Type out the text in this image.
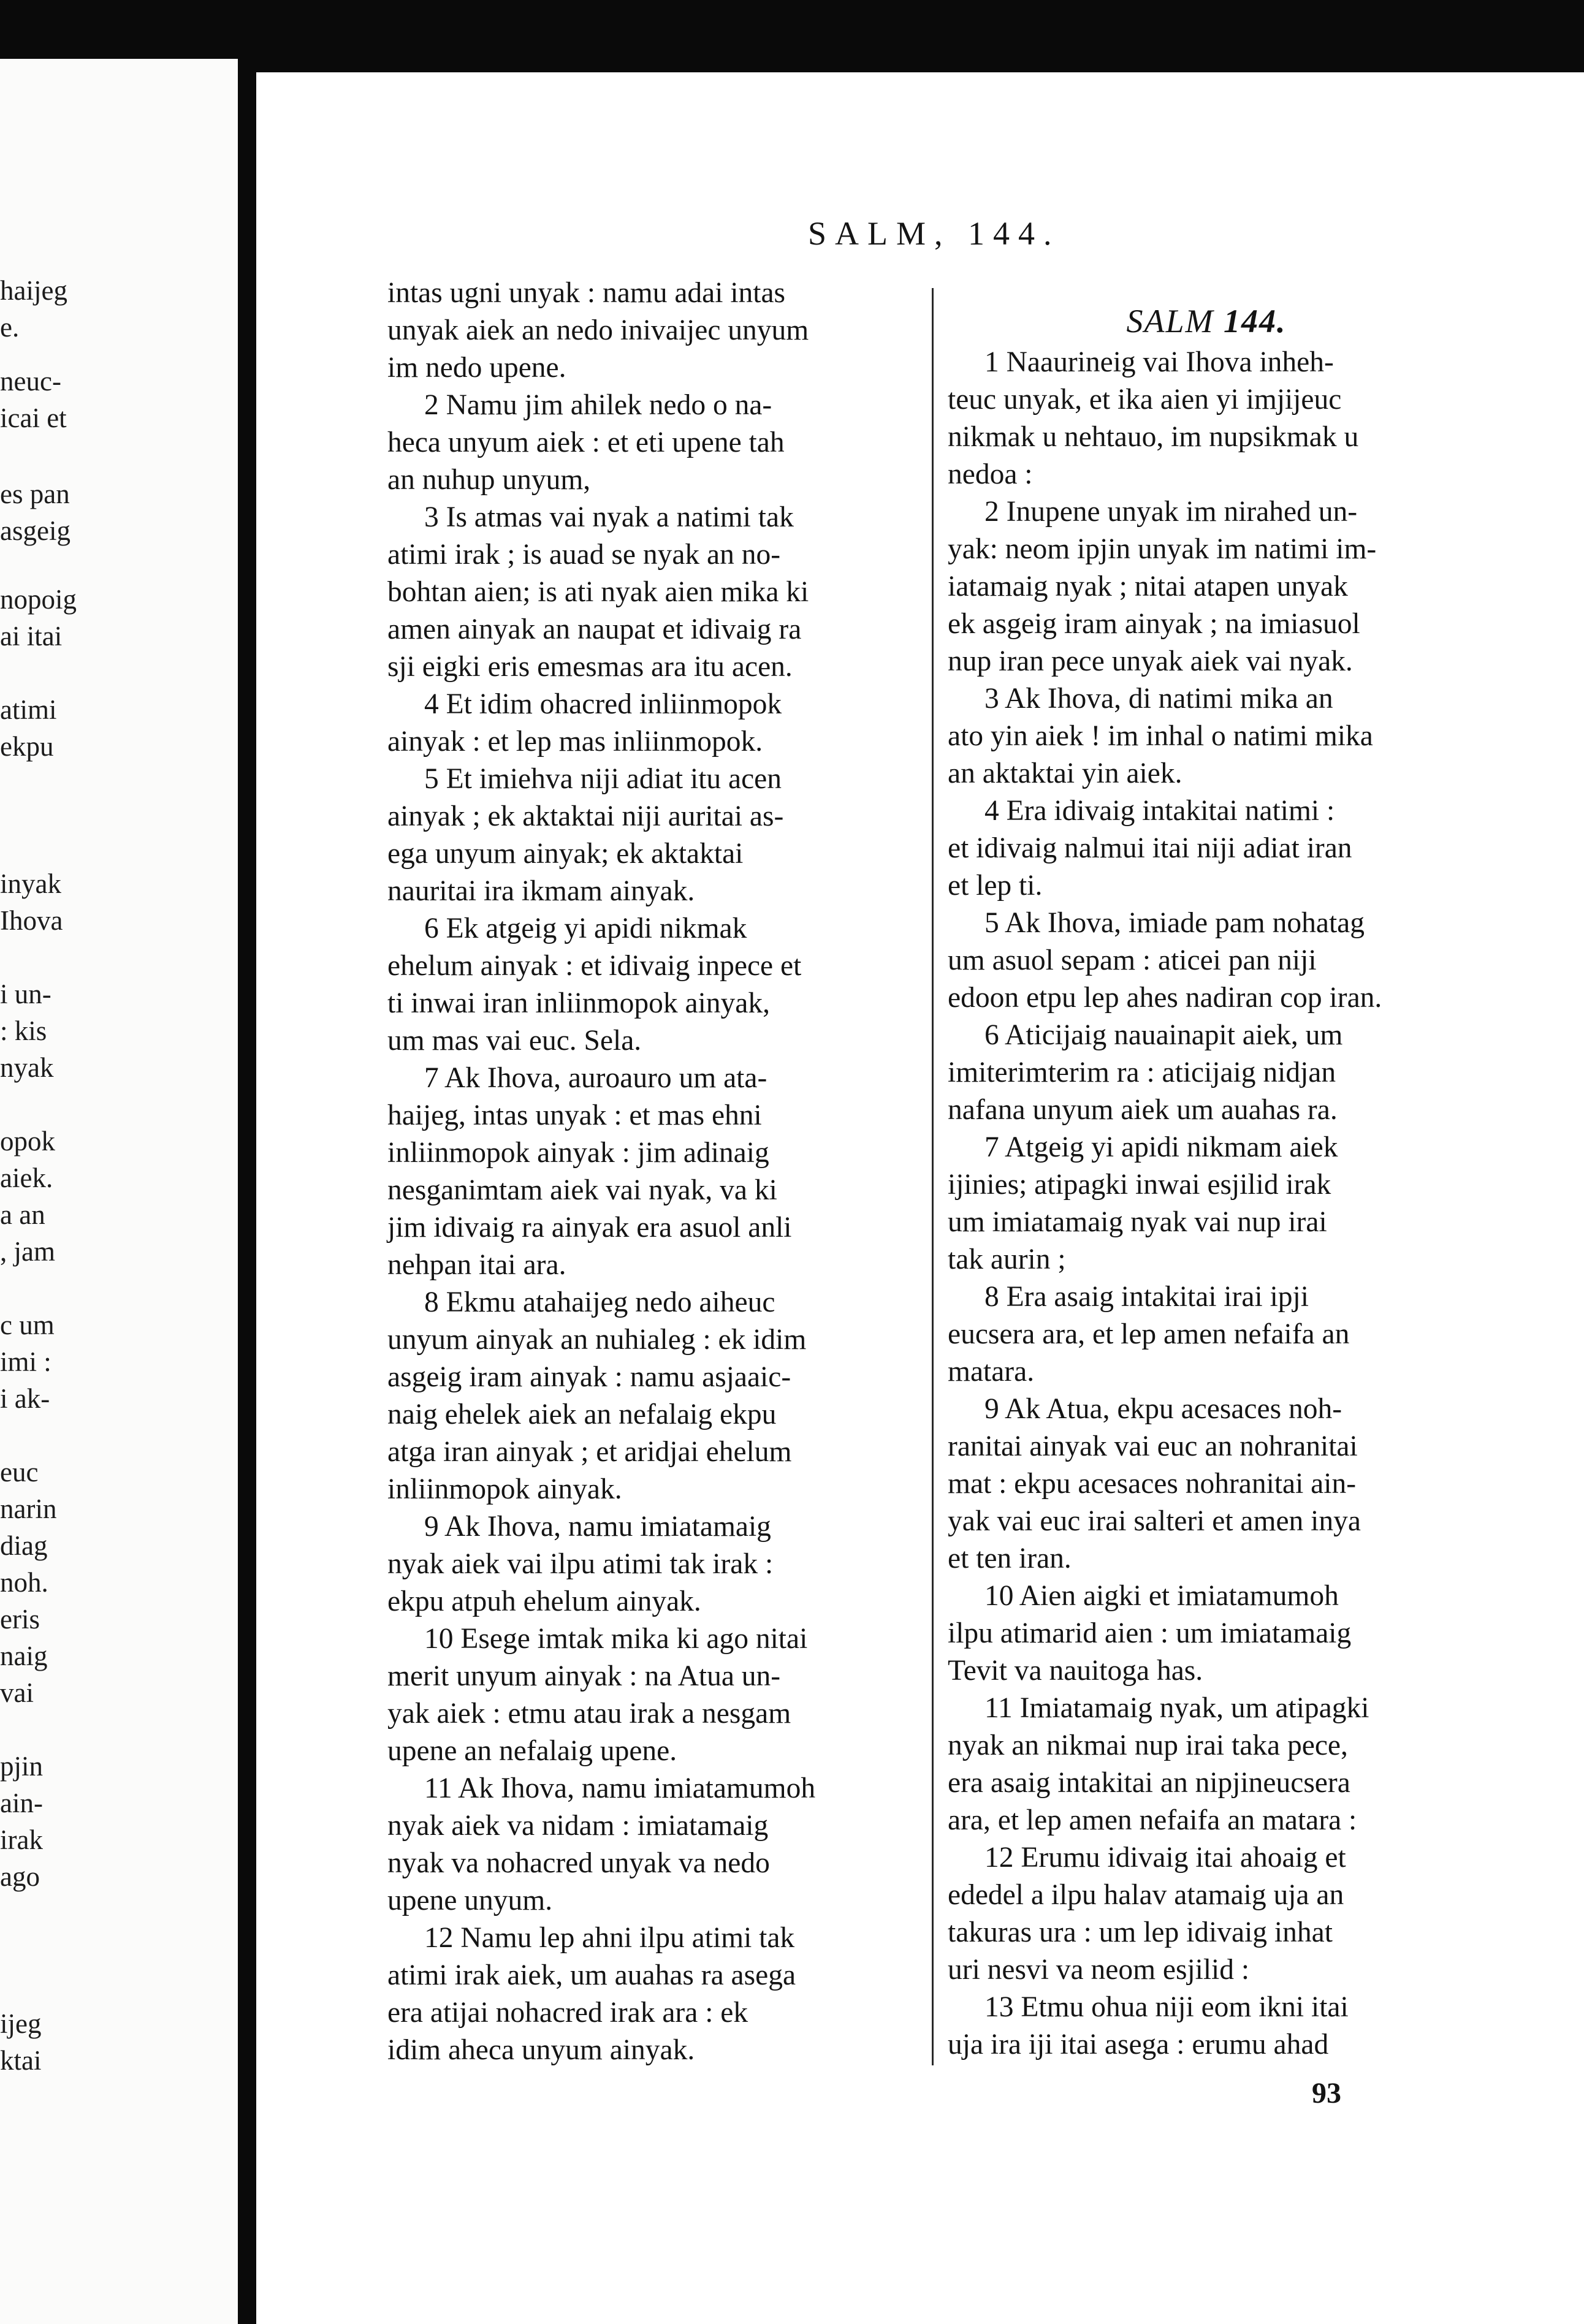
haijeg
e.
neuc-
icai et
es pan
asgeig
nopoig
ai itai
atimi
ekpu
inyak
Ihova
i un-
: kis
nyak
opok
aiek.
a an
, jam
c um
imi :
i ak-
euc
narin
diag
noh.
eris
naig
vai
pjin
ain-
irak
ago
ijeg
ktai
SALM, 144.

intas ugni unyak : namu adai intas
unyak aiek an nedo inivaijec unyum
im nedo upene.

2 Namu jim ahilek nedo o na-
heca unyum aiek : et eti upene tah
an nuhup unyum,

3 Is atmas vai nyak a natimi tak
atimi irak ; is auad se nyak an no-
bohtan aien; is ati nyak aien mika ki
amen ainyak an naupat et idivaig ra
sji eigki eris emesmas ara itu acen.

4 Et idim ohacred inliinmopok
ainyak : et lep mas inliinmopok.

5 Et imiehva niji adiat itu acen
ainyak ; ek aktaktai niji auritai as-
ega unyum ainyak; ek aktaktai
nauritai ira ikmam ainyak.

6 Ek atgeig yi apidi nikmak
ehelum ainyak : et idivaig inpece et
ti inwai iran inliinmopok ainyak,
um mas vai euc. Sela.

7 Ak Ihova, auroauro um ata-
haijeg, intas unyak : et mas ehni
inliinmopok ainyak : jim adinaig
nesganimtam aiek vai nyak, va ki
jim idivaig ra ainyak era asuol anli
nehpan itai ara.

8 Ekmu atahaijeg nedo aiheuc
unyum ainyak an nuhialeg : ek idim
asgeig iram ainyak : namu asjaaic-
naig ehelek aiek an nefalaig ekpu
atga iran ainyak ; et aridjai ehelum
inliinmopok ainyak.

9 Ak Ihova, namu imiatamaig
nyak aiek vai ilpu atimi tak irak :
ekpu atpuh ehelum ainyak.

10 Esege imtak mika ki ago nitai
merit unyum ainyak : na Atua un-
yak aiek : etmu atau irak a nesgam
upene an nefalaig upene.

11 Ak Ihova, namu imiatamumoh
nyak aiek va nidam : imiatamaig
nyak va nohacred unyak va nedo
upene unyum.

12 Namu lep ahni ilpu atimi tak
atimi irak aiek, um auahas ra asega
era atijai nohacred irak ara : ek
idim aheca unyum ainyak.

SALM 144.

1 Naaurineig vai Ihova inheh-
teuc unyak, et ika aien yi imjijeuc
nikmak u nehtauo, im nupsikmak u
nedoa :

2 Inupene unyak im nirahed un-
yak: neom ipjin unyak im natimi im-
iatamaig nyak ; nitai atapen unyak
ek asgeig iram ainyak ; na imiasuol
nup iran pece unyak aiek vai nyak.

3 Ak Ihova, di natimi mika an
ato yin aiek ! im inhal o natimi mika
an aktaktai yin aiek.

4 Era idivaig intakitai natimi :
et idivaig nalmui itai niji adiat iran
et lep ti.

5 Ak Ihova, imiade pam nohatag
um asuol sepam : aticei pan niji
edoon etpu lep ahes nadiran cop iran.

6 Aticijaig nauainapit aiek, um
imiterimterim ra : aticijaig nidjan
nafana unyum aiek um auahas ra.

7 Atgeig yi apidi nikmam aiek
ijinies; atipagki inwai esjilid irak
um imiatamaig nyak vai nup irai
tak aurin ;

8 Era asaig intakitai irai ipji
eucsera ara, et lep amen nefaifa an
matara.

9 Ak Atua, ekpu acesaces noh-
ranitai ainyak vai euc an nohranitai
mat : ekpu acesaces nohranitai ain-
yak vai euc irai salteri et amen inya
et ten iran.

10 Aien aigki et imiatamumoh
ilpu atimarid aien : um imiatamaig
Tevit va nauitoga has.

11 Imiatamaig nyak, um atipagki
nyak an nikmai nup irai taka pece,
era asaig intakitai an nipjineucsera
ara, et lep amen nefaifa an matara :

12 Erumu idivaig itai ahoaig et
ededel a ilpu halav atamaig uja an
takuras ura : um lep idivaig inhat
uri nesvi va neom esjilid :

13 Etmu ohua niji eom ikni itai
uja ira iji itai asega : erumu ahad

93
